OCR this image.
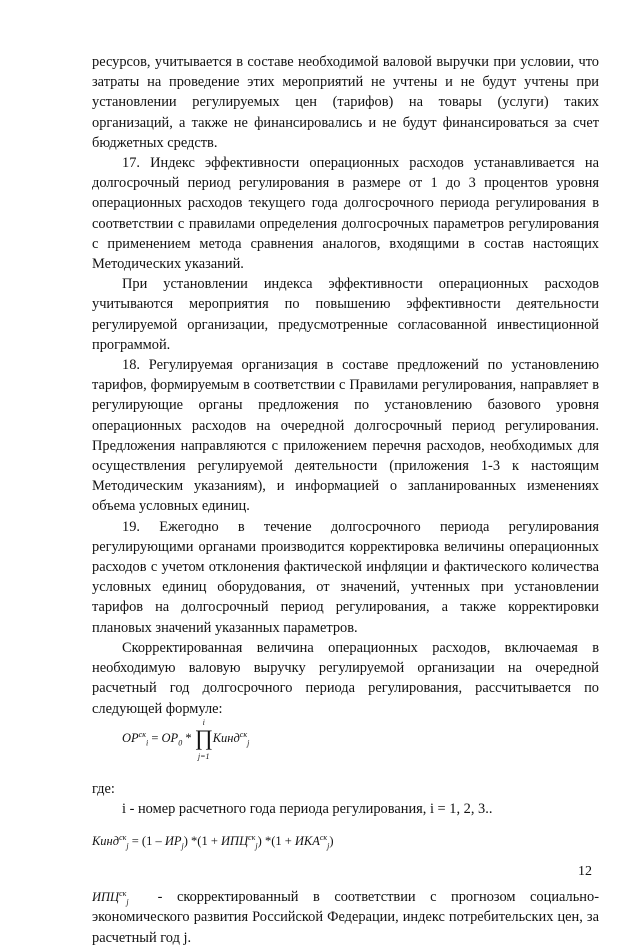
ресурсов, учитывается в составе необходимой валовой выручки при условии, что затраты на проведение этих мероприятий не учтены и не будут учтены при установлении регулируемых цен (тарифов) на товары (услуги) таких организаций, а также не финансировались и не будут финансироваться за счет бюджетных средств.

17. Индекс эффективности операционных расходов устанавливается на долгосрочный период регулирования в размере от 1 до 3 процентов уровня операционных расходов текущего года долгосрочного периода регулирования в соответствии с правилами определения долгосрочных параметров регулирования с применением метода сравнения аналогов, входящими в состав настоящих Методических указаний.

При установлении индекса эффективности операционных расходов учитываются мероприятия по повышению эффективности деятельности регулируемой организации, предусмотренные согласованной инвестиционной программой.

18. Регулируемая организация в составе предложений по установлению тарифов, формируемым в соответствии с Правилами регулирования, направляет в регулирующие органы предложения по установлению базового уровня операционных расходов на очередной долгосрочный период регулирования. Предложения направляются с приложением перечня расходов, необходимых для осуществления регулируемой деятельности (приложения 1-3 к настоящим Методическим указаниям), и информацией о запланированных изменениях объема условных единиц.

19. Ежегодно в течение долгосрочного периода регулирования регулирующими органами производится корректировка величины операционных расходов с учетом отклонения фактической инфляции и фактического количества условных единиц оборудования, от значений, учтенных при установлении тарифов на долгосрочный период регулирования, а также корректировки плановых значений указанных параметров.

Скорректированная величина операционных расходов, включаемая в необходимую валовую выручку регулируемой организации на очередной расчетный год долгосрочного периода регулирования, рассчитывается по следующей формуле:

$OP^{ск}_i = OP_0$ *
i
∏
j=1
Кинд$^{ск}_j$

где:

i - номер расчетного года периода регулирования, i = 1, 2, 3..

Кинд$^{ск}_j$ = $(1 - ИР_j)$ $*(1 + ИПЦ^{ск}_j)$ $*(1 + ИКА^{ск}_j)$

$ИПЦ^{ск}_j$ - скорректированный в соответствии с прогнозом социально-экономического развития Российской Федерации, индекс потребительских цен, за расчетный год j.

12
